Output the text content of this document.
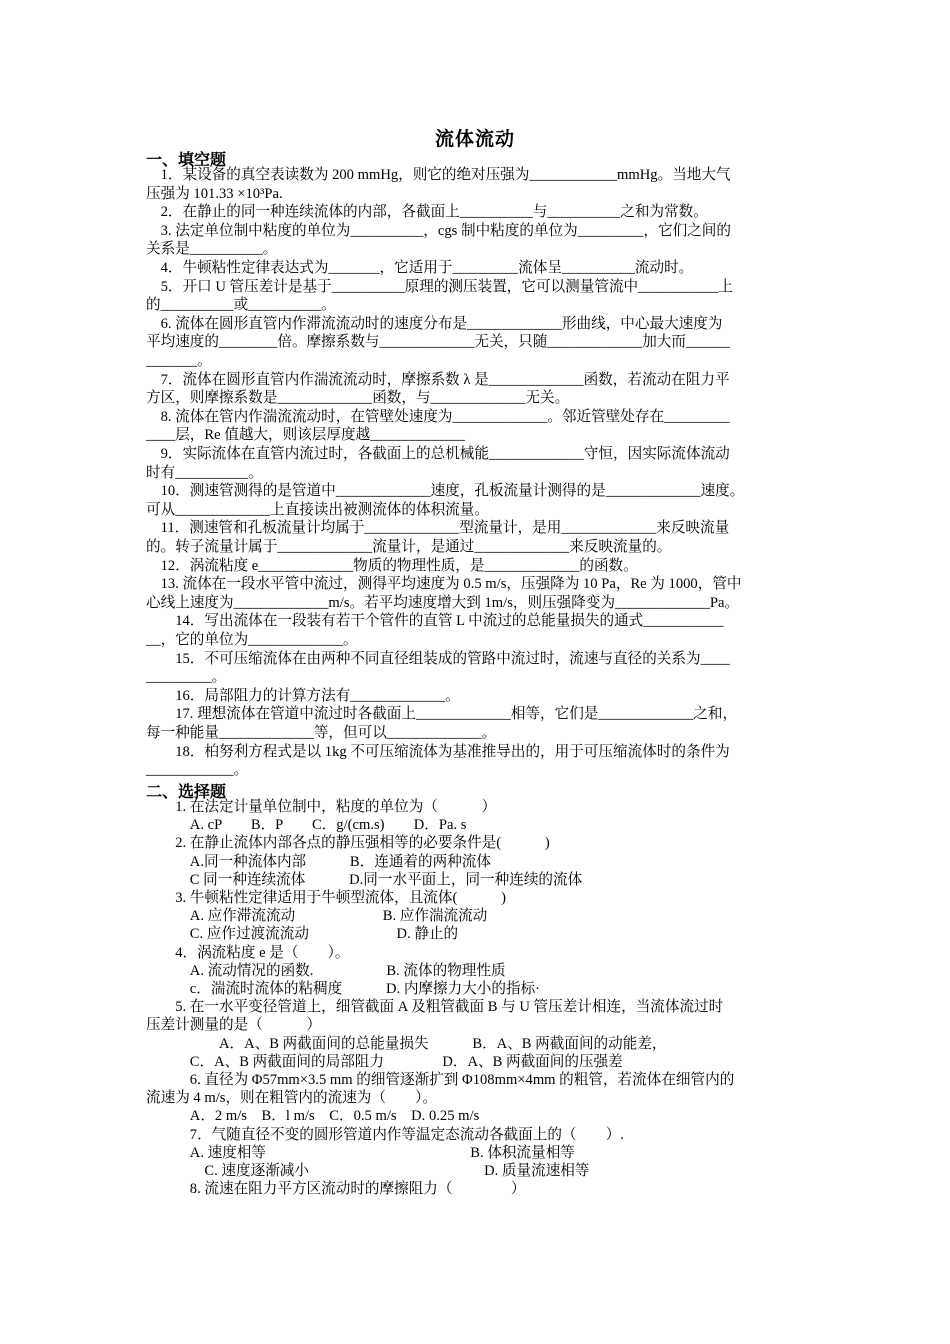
流体流动
一、填空题
　1．某设备的真空表读数为 200 mmHg，则它的绝对压强为____________mmHg。当地大气
压强为 101.33 ×10³Pa.
　2．在静止的同一种连续流体的内部，各截面上__________与__________之和为常数。
　3. 法定单位制中粘度的单位为__________，cgs 制中粘度的单位为_________，它们之间的
关系是__________。
　4．牛顿粘性定律表达式为_______，它适用于_________流体呈__________流动时。
　5．开口 U 管压差计是基于__________原理的测压装置，它可以测量管流中___________上
的__________或__________。
　6. 流体在圆形直管内作滞流流动时的速度分布是_____________形曲线，中心最大速度为
平均速度的________倍。摩擦系数与_____________无关，只随_____________加大而______
_______。
　7．流体在圆形直管内作湍流流动时，摩擦系数 λ 是_____________函数，若流动在阻力平
方区，则摩擦系数是_____________函数，与_____________无关。
　8. 流体在管内作湍流流动时，在管壁处速度为_____________。邻近管壁处存在_________
____层，Re 值越大，则该层厚度越_____________
　9．实际流体在直管内流过时，各截面上的总机械能_____________守恒，因实际流体流动
时有__________。
　10．测速管测得的是管道中_____________速度，孔板流量计测得的是_____________速度。
可从_____________上直接读出被测流体的体积流量。
　11．测速管和孔板流量计均属于_____________型流量计，是用_____________来反映流量
的。转子流量计属于_____________流量计，是通过_____________来反映流量的。
　12．涡流粘度 e_____________物质的物理性质，是_____________的函数。
　13. 流体在一段水平管中流过，测得平均速度为 0.5 m/s，压强降为 10 Pa，Re 为 1000，管中
心线上速度为_____________m/s。若平均速度增大到 1m/s，则压强降变为_____________Pa。
　　14．写出流体在一段装有若干个管件的直管 L 中流过的总能量损失的通式___________
__，它的单位为_____________。
　　15．不可压缩流体在由两种不同直径组装成的管路中流过时，流速与直径的关系为____
_________。
　　16．局部阻力的计算方法有_____________。
　　17. 理想流体在管道中流过时各截面上_____________相等，它们是_____________之和，
每一种能量_____________等，但可以_____________。
　　18．柏努利方程式是以 1kg 不可压缩流体为基准推导出的，用于可压缩流体时的条件为
____________。
二、选择题
　　1. 在法定计量单位制中，粘度的单位为（　　　）
　　　A. cP　　B．P　　C．g/(cm.s)　　D．Pa. s
　　2. 在静止流体内部各点的静压强相等的必要条件是(　　　)
　　　A.同一种流体内部　　　B．连通着的两种流体
　　　C 同一种连续流体　　　D.同一水平面上，同一种连续的流体
　　3. 牛顿粘性定律适用于牛顿型流体，且流体(　　　)
　　　A. 应作滞流流动　　　　　　B. 应作湍流流动
　　　C. 应作过渡流流动　　　　　　D. 静止的
　　4．涡流粘度 e 是（　　）。
　　　A. 流动情况的函数.　　　　　B. 流体的物理性质
　　　c．湍流时流体的粘稠度　　　D. 内摩擦力大小的指标·
　　5. 在一水平变径管道上，细管截面 A 及粗管截面 B 与 U 管压差计相连，当流体流过时
压差计测量的是（　　　）
　　　　　A．A、B 两截面间的总能量损失　　　B．A、B 两截面间的动能差，
　　　C．A、B 两截面间的局部阻力　　　　D．A、B 两截面间的压强差
　　　6. 直径为 Φ57mm×3.5 mm 的细管逐渐扩到 Φ108mm×4mm 的粗管，若流体在细管内的
流速为 4 m/s，则在粗管内的流速为（　　）。
　　　A．2 m/s　B．l m/s　C．0.5 m/s　D. 0.25 m/s
　　　7．气随直径不变的圆形管道内作等温定态流动各截面上的（　　）.
　　　A. 速度相等　　　　　　　　　　　　　　B. 体积流量相等
　　　　C. 速度逐渐减小　　　　　　　　　　　　D. 质量流速相等
　　　8. 流速在阻力平方区流动时的摩擦阻力（　　　　）
